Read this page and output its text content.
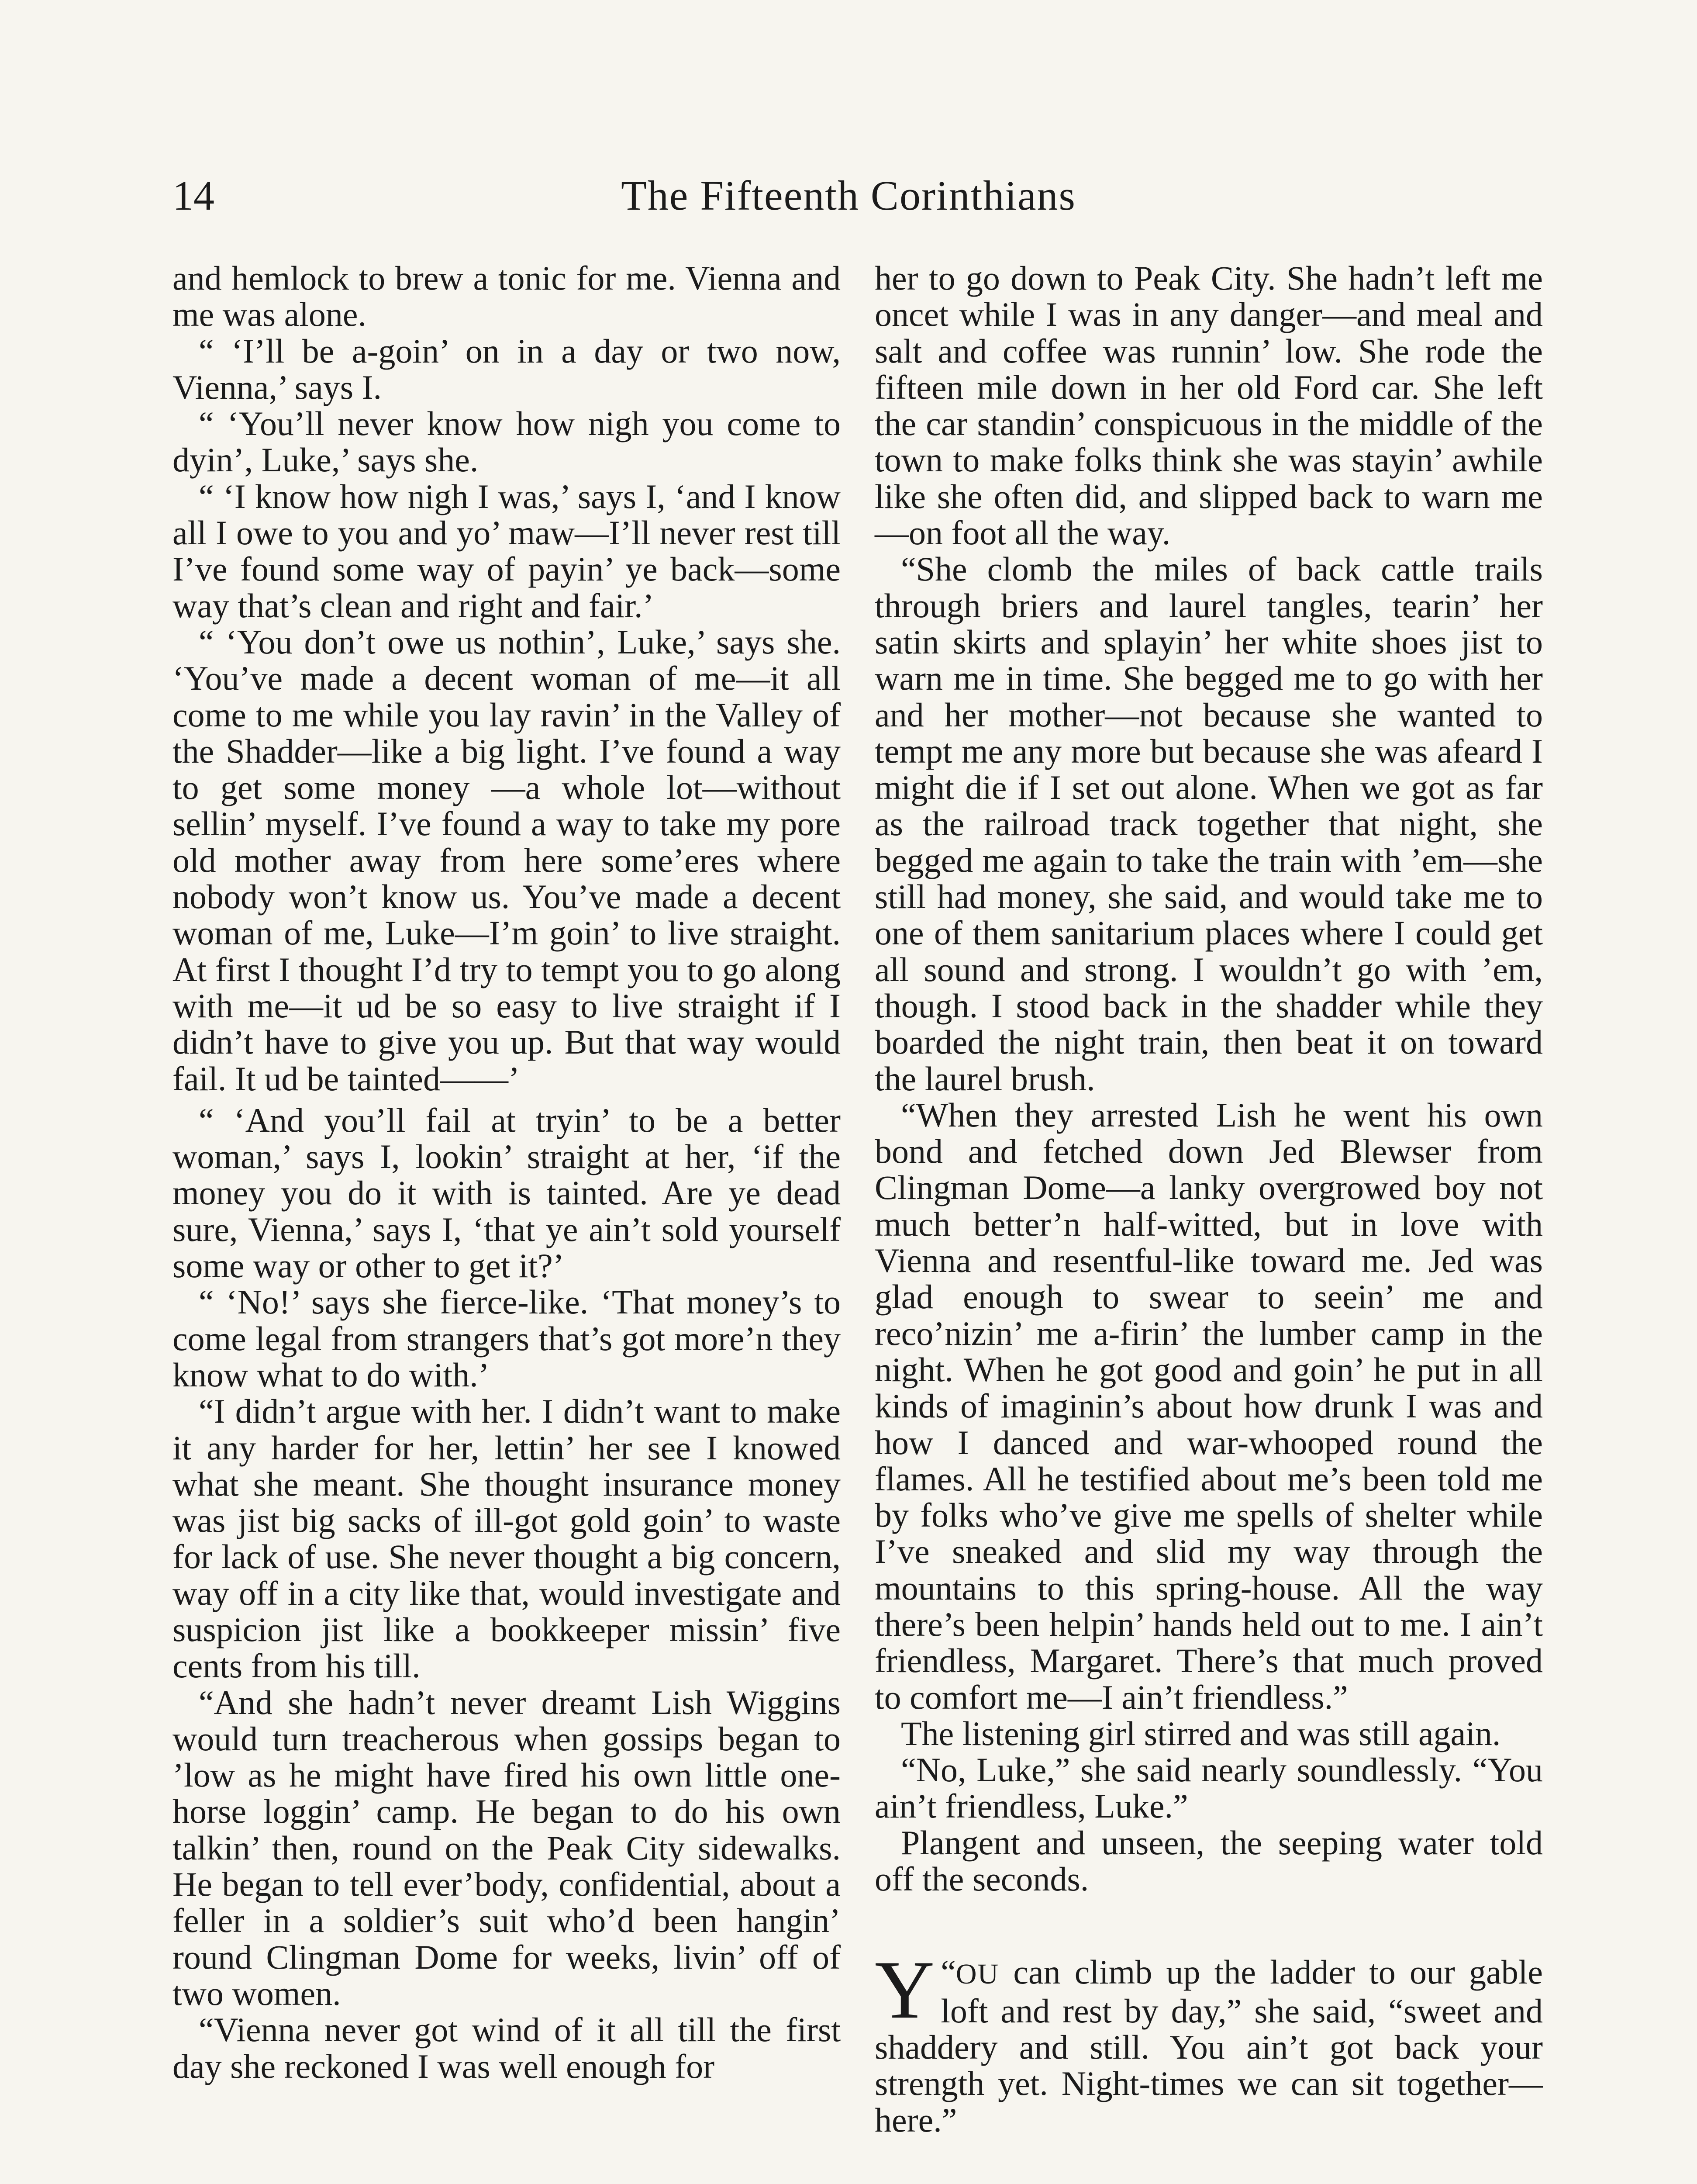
14	The Fifteenth Corinthians

and hemlock to brew a tonic for me. Vienna and me was alone.

“ ‘I’ll be a-goin’ on in a day or two now, Vienna,’ says I.

“ ‘You’ll never know how nigh you come to dyin’, Luke,’ says she.

“ ‘I know how nigh I was,’ says I, ‘and I know all I owe to you and yo’ maw—I’ll never rest till I’ve found some way of payin’ ye back—some way that’s clean and right and fair.’

“ ‘You don’t owe us nothin’, Luke,’ says she. ‘You’ve made a decent woman of me—it all come to me while you lay ravin’ in the Valley of the Shadder—like a big light. I’ve found a way to get some money —a whole lot—without sellin’ myself. I’ve found a way to take my pore old mother away from here some’eres where nobody won’t know us. You’ve made a decent woman of me, Luke—I’m goin’ to live straight. At first I thought I’d try to tempt you to go along with me—it ud be so easy to live straight if I didn’t have to give you up. But that way would fail. It ud be tainted——’

“ ‘And you’ll fail at tryin’ to be a better woman,’ says I, lookin’ straight at her, ‘if the money you do it with is tainted. Are ye dead sure, Vienna,’ says I, ‘that ye ain’t sold yourself some way or other to get it?’

“ ‘No!’ says she fierce-like. ‘That money’s to come legal from strangers that’s got more’n they know what to do with.’

“I didn’t argue with her. I didn’t want to make it any harder for her, lettin’ her see I knowed what she meant. She thought insurance money was jist big sacks of ill-got gold goin’ to waste for lack of use. She never thought a big concern, way off in a city like that, would investigate and suspicion jist like a bookkeeper missin’ five cents from his till.

“And she hadn’t never dreamt Lish Wiggins would turn treacherous when gossips began to ’low as he might have fired his own little one-horse loggin’ camp. He began to do his own talkin’ then, round on the Peak City sidewalks. He began to tell ever’body, confidential, about a feller in a soldier’s suit who’d been hangin’ round Clingman Dome for weeks, livin’ off of two women.

“Vienna never got wind of it all till the first day she reckoned I was well enough for

her to go down to Peak City. She hadn’t left me oncet while I was in any danger—and meal and salt and coffee was runnin’ low. She rode the fifteen mile down in her old Ford car. She left the car standin’ conspicuous in the middle of the town to make folks think she was stayin’ awhile like she often did, and slipped back to warn me —on foot all the way.

“She clomb the miles of back cattle trails through briers and laurel tangles, tearin’ her satin skirts and splayin’ her white shoes jist to warn me in time. She begged me to go with her and her mother—not because she wanted to tempt me any more but because she was afeard I might die if I set out alone. When we got as far as the railroad track together that night, she begged me again to take the train with ’em—she still had money, she said, and would take me to one of them sanitarium places where I could get all sound and strong. I wouldn’t go with ’em, though. I stood back in the shadder while they boarded the night train, then beat it on toward the laurel brush.

“When they arrested Lish he went his own bond and fetched down Jed Blewser from Clingman Dome—a lanky overgrowed boy not much better’n half-witted, but in love with Vienna and resentful-like toward me. Jed was glad enough to swear to seein’ me and reco’nizin’ me a-firin’ the lumber camp in the night. When he got good and goin’ he put in all kinds of imaginin’s about how drunk I was and how I danced and war-whooped round the flames. All he testified about me’s been told me by folks who’ve give me spells of shelter while I’ve sneaked and slid my way through the mountains to this spring-house. All the way there’s been helpin’ hands held out to me. I ain’t friendless, Margaret. There’s that much proved to comfort me—I ain’t friendless.”

The listening girl stirred and was still again.

“No, Luke,” she said nearly soundlessly. “You ain’t friendless, Luke.”

Plangent and unseen, the seeping water told off the seconds.

“
Y OU can climb up the ladder to our gable loft and rest by day,” she said, “sweet and shaddery and still. You ain’t got back your strength yet. Night-times we can sit together—here.”
